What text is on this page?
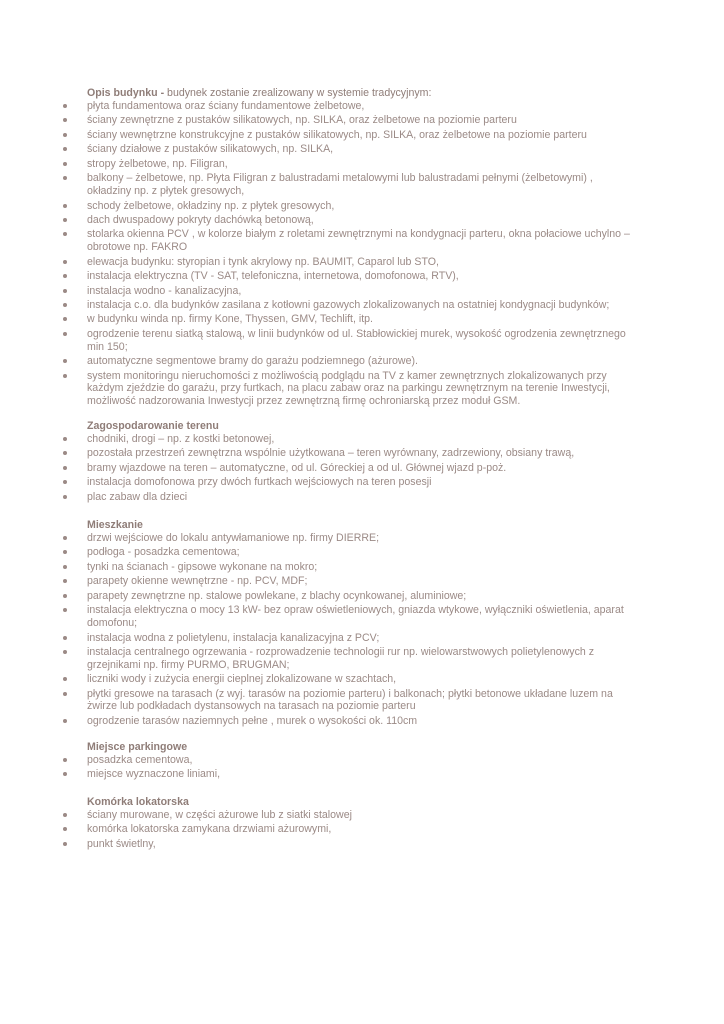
Opis budynku - budynek zostanie zrealizowany w systemie tradycyjnym:
płyta fundamentowa oraz ściany fundamentowe żelbetowe,
ściany zewnętrzne z pustaków silikatowych, np. SILKA, oraz żelbetowe na poziomie parteru
ściany wewnętrzne konstrukcyjne z pustaków silikatowych, np. SILKA, oraz żelbetowe na poziomie parteru
ściany działowe z pustaków silikatowych, np. SILKA,
stropy żelbetowe, np. Filigran,
balkony – żelbetowe, np. Płyta Filigran z balustradami metalowymi lub balustradami pełnymi (żelbetowymi) , okładziny np. z płytek gresowych,
schody żelbetowe, okładziny np. z płytek gresowych,
dach dwuspadowy pokryty dachówką betonową,
stolarka okienna PCV , w kolorze białym z roletami zewnętrznymi na kondygnacji parteru, okna połaciowe uchylno – obrotowe np. FAKRO
elewacja budynku: styropian i tynk akrylowy np. BAUMIT, Caparol lub STO,
instalacja elektryczna (TV - SAT, telefoniczna, internetowa, domofonowa, RTV),
instalacja wodno - kanalizacyjna,
instalacja c.o. dla budynków zasilana z kotłowni gazowych zlokalizowanych na ostatniej kondygnacji budynków;
w budynku winda np. firmy Kone, Thyssen, GMV, Techlift, itp.
ogrodzenie terenu siatką stalową, w linii budynków od ul. Stabłowickiej murek, wysokość ogrodzenia zewnętrznego min 150;
automatyczne segmentowe bramy do garażu podziemnego (ażurowe).
system monitoringu nieruchomości z możliwością podglądu na TV z kamer zewnętrznych zlokalizowanych przy każdym zjeździe do garażu, przy furtkach, na placu zabaw oraz na parkingu zewnętrznym na terenie Inwestycji, możliwość nadzorowania Inwestycji przez zewnętrzną firmę ochroniarską przez moduł GSM.
Zagospodarowanie terenu
chodniki, drogi – np. z kostki betonowej,
pozostała przestrzeń zewnętrzna wspólnie użytkowana – teren wyrównany, zadrzewiony, obsiany trawą,
bramy wjazdowe na teren – automatyczne, od ul. Góreckiej a od ul. Głównej wjazd p-poż.
instalacja domofonowa przy dwóch furtkach wejściowych na teren posesji
plac zabaw dla dzieci
Mieszkanie
drzwi wejściowe do lokalu antywłamaniowe np. firmy DIERRE;
podłoga - posadzka cementowa;
tynki na ścianach - gipsowe wykonane na mokro;
parapety okienne wewnętrzne - np. PCV, MDF;
parapety zewnętrzne np. stalowe powlekane, z blachy ocynkowanej, aluminiowe;
instalacja elektryczna o mocy 13 kW- bez opraw oświetleniowych, gniazda wtykowe, wyłączniki oświetlenia, aparat domofonu;
instalacja wodna z polietylenu, instalacja kanalizacyjna z PCV;
instalacja centralnego ogrzewania - rozprowadzenie technologii rur np. wielowarstwowych polietylenowych z grzejnikami np. firmy PURMO, BRUGMAN;
liczniki wody i zużycia energii cieplnej zlokalizowane w szachtach,
płytki gresowe na tarasach (z wyj. tarasów na poziomie parteru) i balkonach; płytki betonowe układane luzem na żwirze lub podkładach dystansowych na tarasach na poziomie parteru
ogrodzenie tarasów naziemnych pełne , murek o wysokości ok. 110cm
Miejsce parkingowe
posadzka cementowa,
miejsce wyznaczone liniami,
Komórka lokatorska
ściany murowane, w części ażurowe lub z siatki stalowej
komórka lokatorska zamykana drzwiami ażurowymi,
punkt świetlny,
